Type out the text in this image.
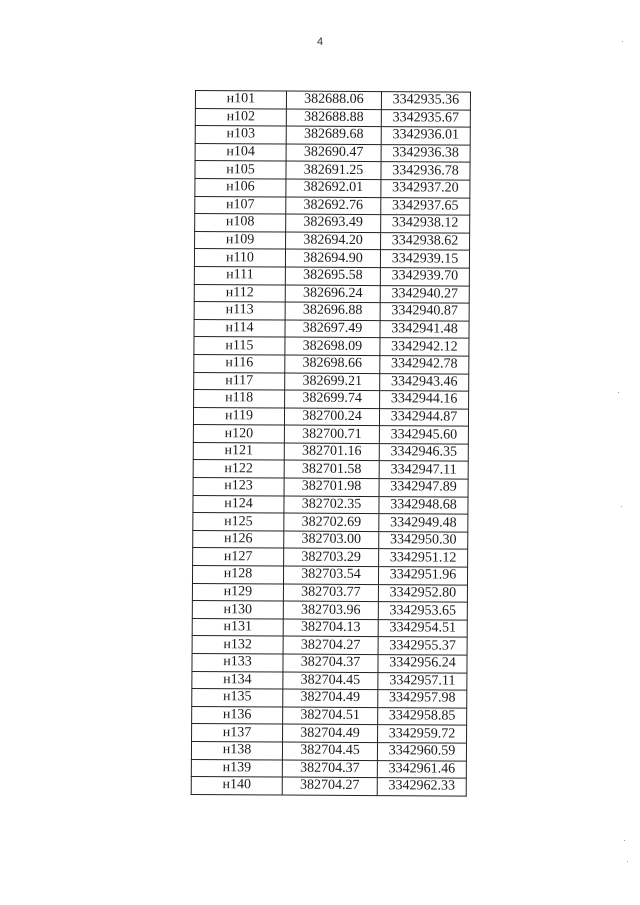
4
н101	382688.06	3342935.36
н102	382688.88	3342935.67
н103	382689.68	3342936.01
н104	382690.47	3342936.38
н105	382691.25	3342936.78
н106	382692.01	3342937.20
н107	382692.76	3342937.65
н108	382693.49	3342938.12
н109	382694.20	3342938.62
н110	382694.90	3342939.15
н111	382695.58	3342939.70
н112	382696.24	3342940.27
н113	382696.88	3342940.87
н114	382697.49	3342941.48
н115	382698.09	3342942.12
н116	382698.66	3342942.78
н117	382699.21	3342943.46
н118	382699.74	3342944.16
н119	382700.24	3342944.87
н120	382700.71	3342945.60
н121	382701.16	3342946.35
н122	382701.58	3342947.11
н123	382701.98	3342947.89
н124	382702.35	3342948.68
н125	382702.69	3342949.48
н126	382703.00	3342950.30
н127	382703.29	3342951.12
н128	382703.54	3342951.96
н129	382703.77	3342952.80
н130	382703.96	3342953.65
н131	382704.13	3342954.51
н132	382704.27	3342955.37
н133	382704.37	3342956.24
н134	382704.45	3342957.11
н135	382704.49	3342957.98
н136	382704.51	3342958.85
н137	382704.49	3342959.72
н138	382704.45	3342960.59
н139	382704.37	3342961.46
н140	382704.27	3342962.33
